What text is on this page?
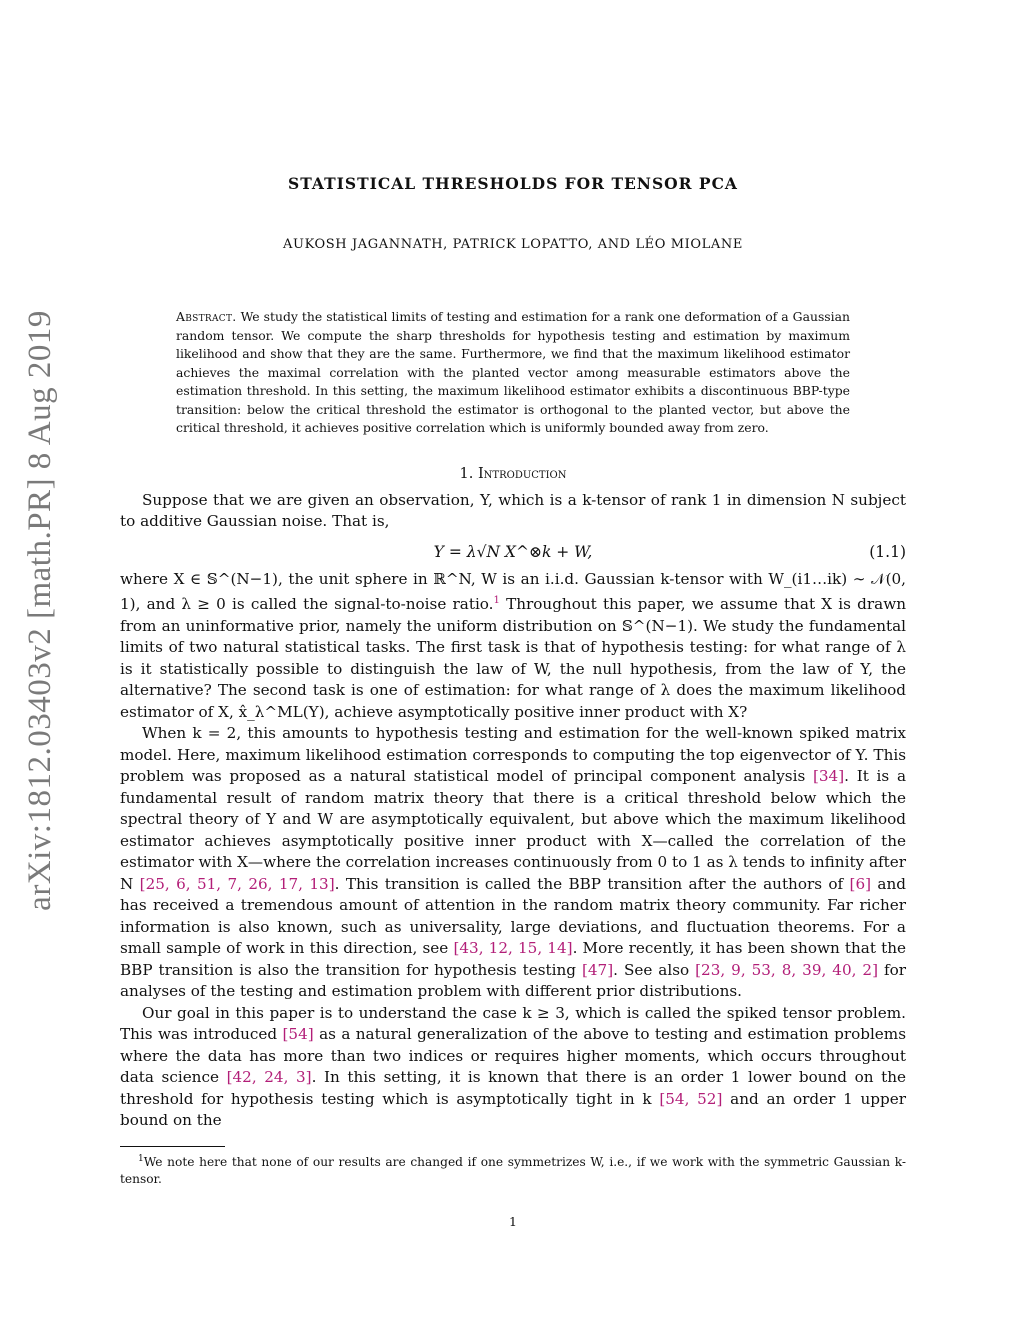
arXiv:1812.03403v2 [math.PR] 8 Aug 2019
STATISTICAL THRESHOLDS FOR TENSOR PCA
AUKOSH JAGANNATH, PATRICK LOPATTO, AND LÉO MIOLANE
Abstract. We study the statistical limits of testing and estimation for a rank one deformation of a Gaussian random tensor. We compute the sharp thresholds for hypothesis testing and estimation by maximum likelihood and show that they are the same. Furthermore, we find that the maximum likelihood estimator achieves the maximal correlation with the planted vector among measurable estimators above the estimation threshold. In this setting, the maximum likelihood estimator exhibits a discontinuous BBP-type transition: below the critical threshold the estimator is orthogonal to the planted vector, but above the critical threshold, it achieves positive correlation which is uniformly bounded away from zero.
1. Introduction

Suppose that we are given an observation, Y, which is a k-tensor of rank 1 in dimension N subject to additive Gaussian noise. That is,

Y = λ√N X^⊗k + W,	(1.1)

where X ∈ 𝕊^(N−1), the unit sphere in ℝ^N, W is an i.i.d. Gaussian k-tensor with W_(i1…ik) ∼ 𝒩(0, 1), and λ ≥ 0 is called the signal-to-noise ratio.$^1$ Throughout this paper, we assume that X is drawn from an uninformative prior, namely the uniform distribution on 𝕊^(N−1). We study the fundamental limits of two natural statistical tasks. The first task is that of hypothesis testing: for what range of λ is it statistically possible to distinguish the law of W, the null hypothesis, from the law of Y, the alternative? The second task is one of estimation: for what range of λ does the maximum likelihood estimator of X, x̂_λ^ML(Y), achieve asymptotically positive inner product with X?

When k = 2, this amounts to hypothesis testing and estimation for the well-known spiked matrix model. Here, maximum likelihood estimation corresponds to computing the top eigenvector of Y. This problem was proposed as a natural statistical model of principal component analysis [34]. It is a fundamental result of random matrix theory that there is a critical threshold below which the spectral theory of Y and W are asymptotically equivalent, but above which the maximum likelihood estimator achieves asymptotically positive inner product with X—called the correlation of the estimator with X—where the correlation increases continuously from 0 to 1 as λ tends to infinity after N [25, 6, 51, 7, 26, 17, 13]. This transition is called the BBP transition after the authors of [6] and has received a tremendous amount of attention in the random matrix theory community. Far richer information is also known, such as universality, large deviations, and fluctuation theorems. For a small sample of work in this direction, see [43, 12, 15, 14]. More recently, it has been shown that the BBP transition is also the transition for hypothesis testing [47]. See also [23, 9, 53, 8, 39, 40, 2] for analyses of the testing and estimation problem with different prior distributions.

Our goal in this paper is to understand the case k ≥ 3, which is called the spiked tensor problem. This was introduced [54] as a natural generalization of the above to testing and estimation problems where the data has more than two indices or requires higher moments, which occurs throughout data science [42, 24, 3]. In this setting, it is known that there is an order 1 lower bound on the threshold for hypothesis testing which is asymptotically tight in k [54, 52] and an order 1 upper bound on the

$^1$We note here that none of our results are changed if one symmetrizes W, i.e., if we work with the symmetric Gaussian k-tensor.
1
